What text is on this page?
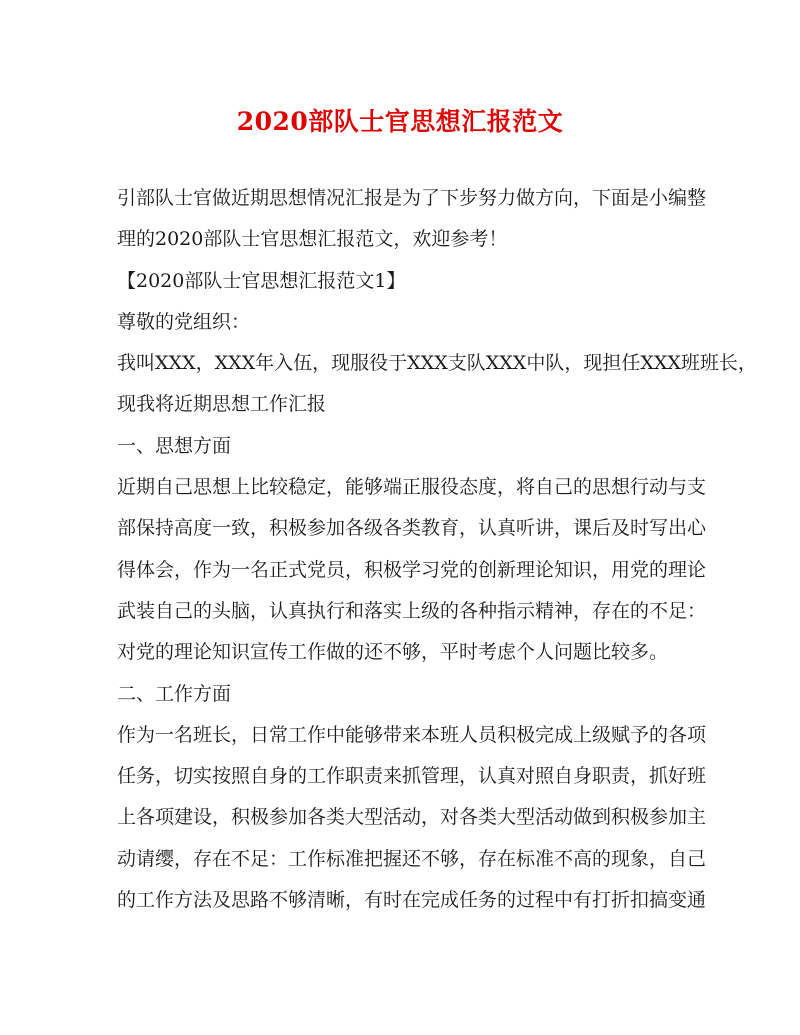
2020部队士官思想汇报范文
引部队士官做近期思想情况汇报是为了下步努力做方向，下面是小编整
理的2020部队士官思想汇报范文，欢迎参考！
【2020部队士官思想汇报范文1】
尊敬的党组织：
我叫XXX，XXX年入伍，现服役于XXX支队XXX中队，现担任XXX班班长，
现我将近期思想工作汇报
一、思想方面
近期自己思想上比较稳定，能够端正服役态度，将自己的思想行动与支
部保持高度一致，积极参加各级各类教育，认真听讲，课后及时写出心
得体会，作为一名正式党员，积极学习党的创新理论知识，用党的理论
武装自己的头脑，认真执行和落实上级的各种指示精神，存在的不足：
对党的理论知识宣传工作做的还不够，平时考虑个人问题比较多。
二、工作方面
作为一名班长，日常工作中能够带来本班人员积极完成上级赋予的各项
任务，切实按照自身的工作职责来抓管理，认真对照自身职责，抓好班
上各项建设，积极参加各类大型活动，对各类大型活动做到积极参加主
动请缨，存在不足：工作标准把握还不够，存在标准不高的现象，自己
的工作方法及思路不够清晰，有时在完成任务的过程中有打折扣搞变通
